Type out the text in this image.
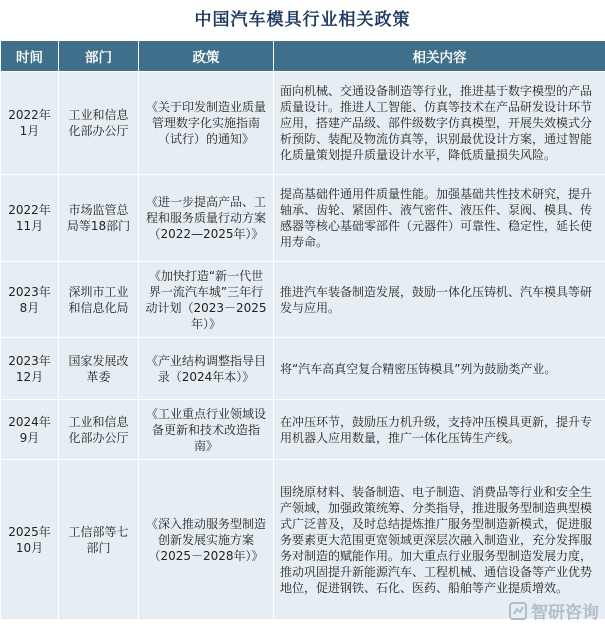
中国汽车模具行业相关政策
时间	部门	政策	相关内容
2022年1月	工业和信息化部办公厅	《关于印发制造业质量管理数字化实施指南（试行）的通知》	面向机械、交通设备制造等行业，推进基于数字模型的产品质量设计。推进人工智能、仿真等技术在产品研发设计环节应用，搭建产品级、部件级数字仿真模型，开展失效模式分析预防、装配及物流仿真等，识别最优设计方案，通过智能化质量策划提升质量设计水平，降低质量损失风险。
2022年11月	市场监管总局等18部门	《进一步提高产品、工程和服务质量行动方案（2022—2025年）》	提高基础件通用件质量性能。加强基础共性技术研究，提升轴承、齿轮、紧固件、液气密件、液压件、泵阀、模具、传感器等核心基础零部件（元器件）可靠性、稳定性，延长使用寿命。
2023年8月	深圳市工业和信息化局	《加快打造“新一代世界一流汽车城”三年行动计划（2023－2025年）》	推进汽车装备制造发展，鼓励一体化压铸机、汽车模具等研发与应用。
2023年12月	国家发展改革委	《产业结构调整指导目录（2024年本）》	将“汽车高真空复合精密压铸模具”列为鼓励类产业。
2024年9月	工业和信息化部办公厅	《工业重点行业领域设备更新和技术改造指南》	在冲压环节，鼓励压力机升级，支持冲压模具更新，提升专用机器人应用数量，推广一体化压铸生产线。
2025年10月	工信部等七部门	《深入推动服务型制造创新发展实施方案（2025－2028年）》	围绕原材料、装备制造、电子制造、消费品等行业和安全生产领域，加强政策统筹、分类指导，推进服务型制造典型模式广泛普及，及时总结提炼推广服务型制造新模式，促进服务要素更大范围更宽领域更深层次融入制造业，充分发挥服务对制造的赋能作用。加大重点行业服务型制造发展力度，推动巩固提升新能源汽车、工程机械、通信设备等产业优势地位，促进钢铁、石化、医药、船舶等产业提质增效。
智研咨询
